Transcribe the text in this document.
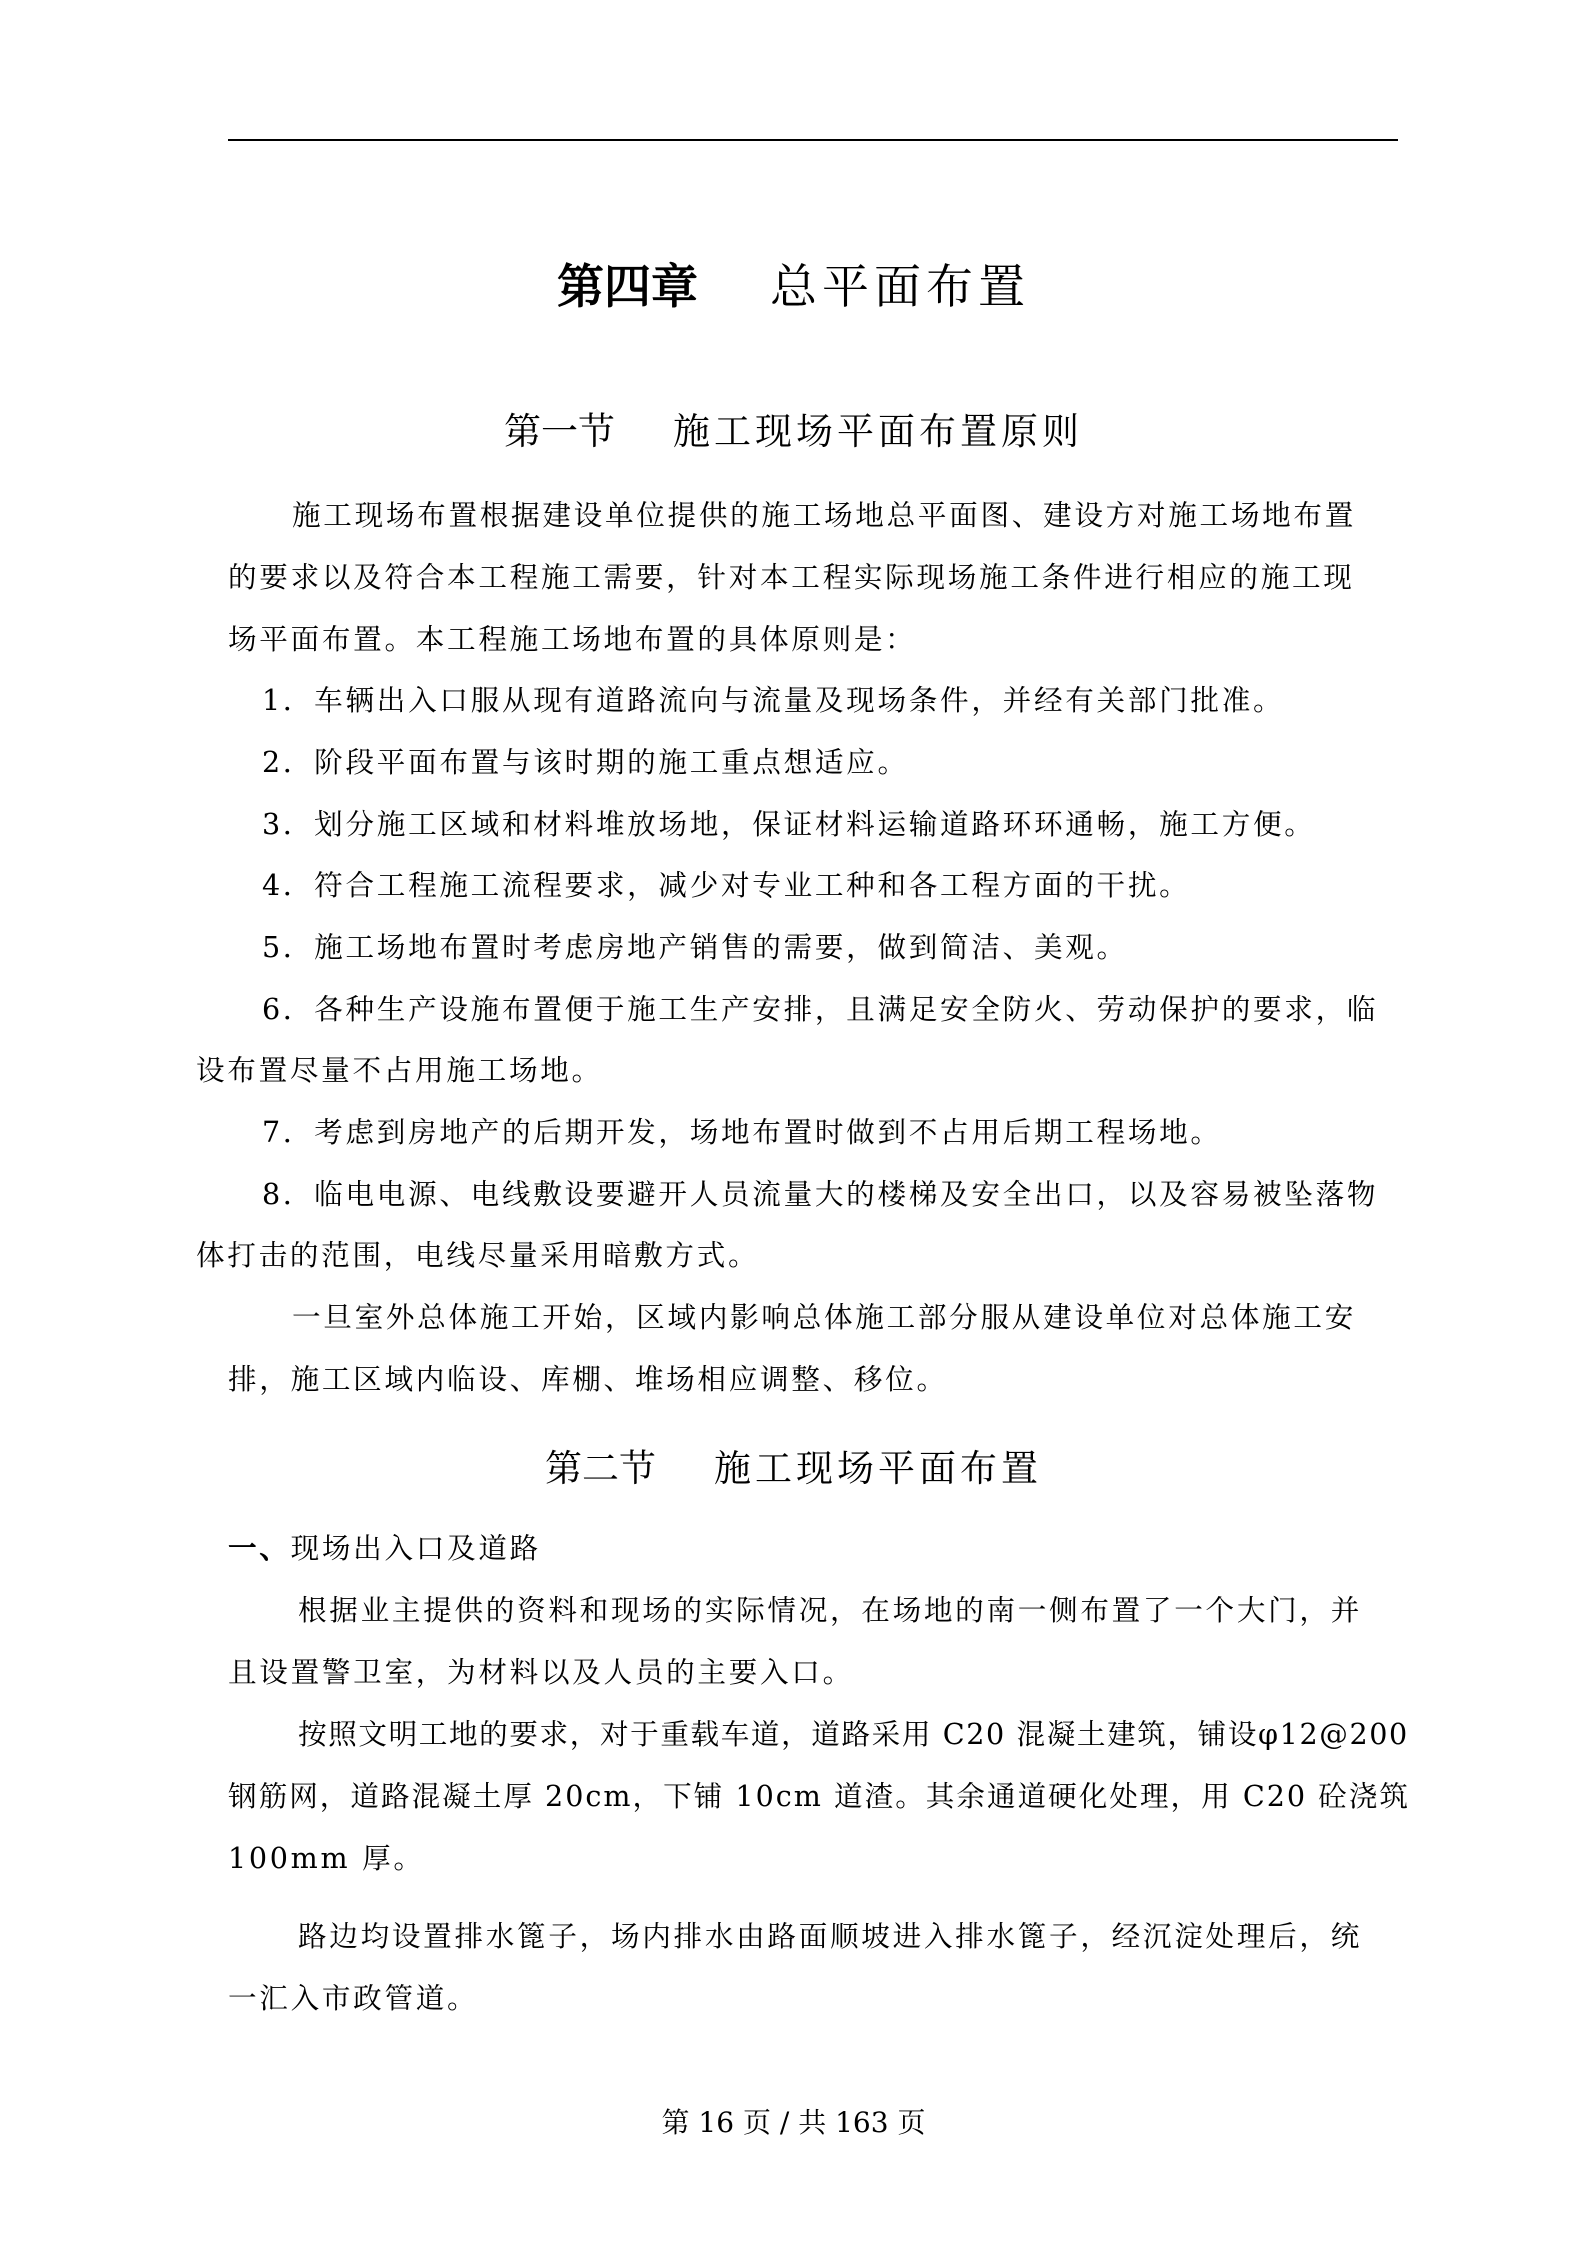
第四章 总平面布置
第一节 施工现场平面布置原则
施工现场布置根据建设单位提供的施工场地总平面图、建设方对施工场地布置
的要求以及符合本工程施工需要，针对本工程实际现场施工条件进行相应的施工现
场平面布置。本工程施工场地布置的具体原则是：
1．车辆出入口服从现有道路流向与流量及现场条件，并经有关部门批准。
2．阶段平面布置与该时期的施工重点想适应。
3．划分施工区域和材料堆放场地，保证材料运输道路环环通畅，施工方便。
4．符合工程施工流程要求，减少对专业工种和各工程方面的干扰。
5．施工场地布置时考虑房地产销售的需要，做到简洁、美观。
6．各种生产设施布置便于施工生产安排，且满足安全防火、劳动保护的要求，临
设布置尽量不占用施工场地。
7．考虑到房地产的后期开发，场地布置时做到不占用后期工程场地。
8．临电电源、电线敷设要避开人员流量大的楼梯及安全出口，以及容易被坠落物
体打击的范围，电线尽量采用暗敷方式。
一旦室外总体施工开始，区域内影响总体施工部分服从建设单位对总体施工安
排，施工区域内临设、库棚、堆场相应调整、移位。
第二节 施工现场平面布置
一、现场出入口及道路
根据业主提供的资料和现场的实际情况，在场地的南一侧布置了一个大门，并
且设置警卫室，为材料以及人员的主要入口。
按照文明工地的要求，对于重载车道，道路采用 C20 混凝土建筑，铺设φ12@200
钢筋网，道路混凝土厚 20cm，下铺 10cm 道渣。其余通道硬化处理，用 C20 砼浇筑
100mm 厚。
路边均设置排水篦子，场内排水由路面顺坡进入排水篦子，经沉淀处理后，统
一汇入市政管道。
第 16 页 / 共 163 页
